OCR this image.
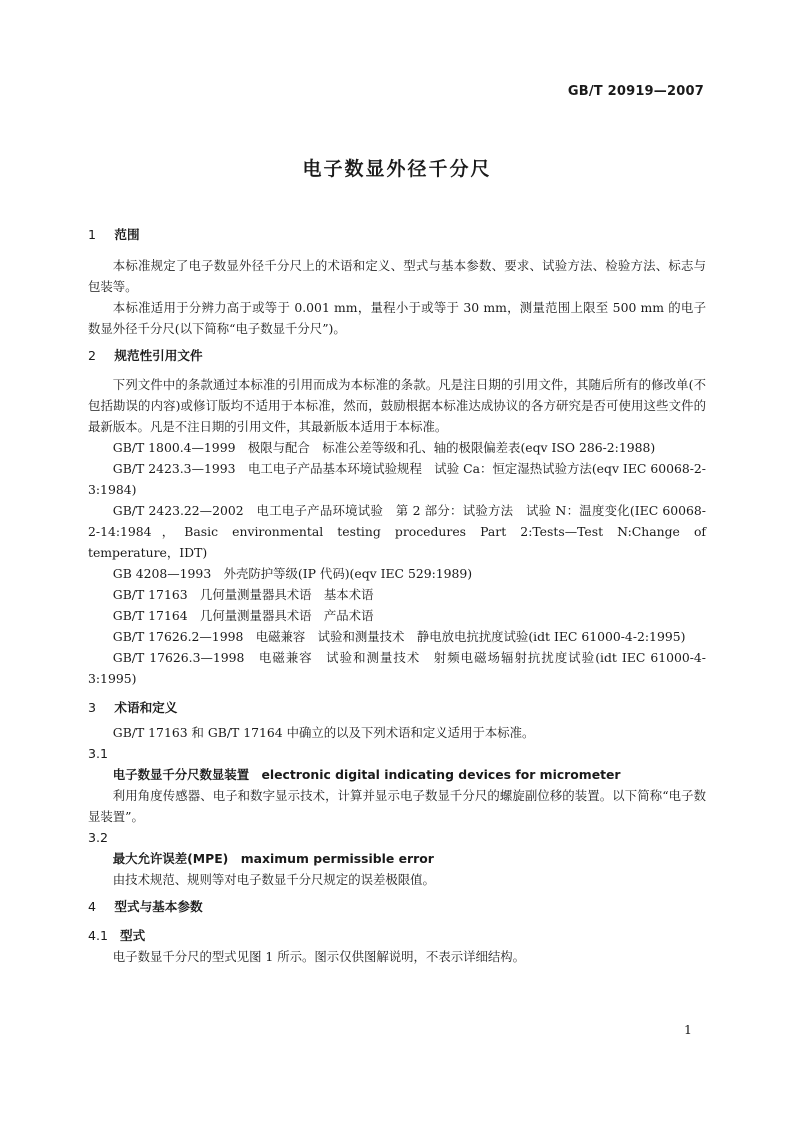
GB/T 20919—2007
电子数显外径千分尺

1 范围

本标准规定了电子数显外径千分尺上的术语和定义、型式与基本参数、要求、试验方法、检验方法、标志与包装等。

本标准适用于分辨力高于或等于 0.001 mm，量程小于或等于 30 mm，测量范围上限至 500 mm 的电子数显外径千分尺(以下简称“电子数显千分尺”)。

2 规范性引用文件

下列文件中的条款通过本标准的引用而成为本标准的条款。凡是注日期的引用文件，其随后所有的修改单(不包括勘误的内容)或修订版均不适用于本标准，然而，鼓励根据本标准达成协议的各方研究是否可使用这些文件的最新版本。凡是不注日期的引用文件，其最新版本适用于本标准。

GB/T 1800.4—1999　极限与配合　标准公差等级和孔、轴的极限偏差表(eqv ISO 286-2:1988)

GB/T 2423.3—1993　电工电子产品基本环境试验规程　试验 Ca：恒定湿热试验方法(eqv IEC 60068-2-3:1984)

GB/T 2423.22—2002　电工电子产品环境试验　第 2 部分：试验方法　试验 N：温度变化(IEC 60068-2-14:1984，Basic environmental testing procedures Part 2:Tests—Test N:Change of temperature，IDT)

GB 4208—1993　外壳防护等级(IP 代码)(eqv IEC 529:1989)

GB/T 17163　几何量测量器具术语　基本术语

GB/T 17164　几何量测量器具术语　产品术语

GB/T 17626.2—1998　电磁兼容　试验和测量技术　静电放电抗扰度试验(idt IEC 61000-4-2:1995)

GB/T 17626.3—1998　电磁兼容　试验和测量技术　射频电磁场辐射抗扰度试验(idt IEC 61000-4-3:1995)

3 术语和定义

GB/T 17163 和 GB/T 17164 中确立的以及下列术语和定义适用于本标准。

3.1

电子数显千分尺数显装置　electronic digital indicating devices for micrometer

利用角度传感器、电子和数字显示技术，计算并显示电子数显千分尺的螺旋副位移的装置。以下简称“电子数显装置”。

3.2

最大允许误差(MPE)　maximum permissible error

由技术规范、规则等对电子数显千分尺规定的误差极限值。

4 型式与基本参数

4.1 型式

电子数显千分尺的型式见图 1 所示。图示仅供图解说明，不表示详细结构。

1
